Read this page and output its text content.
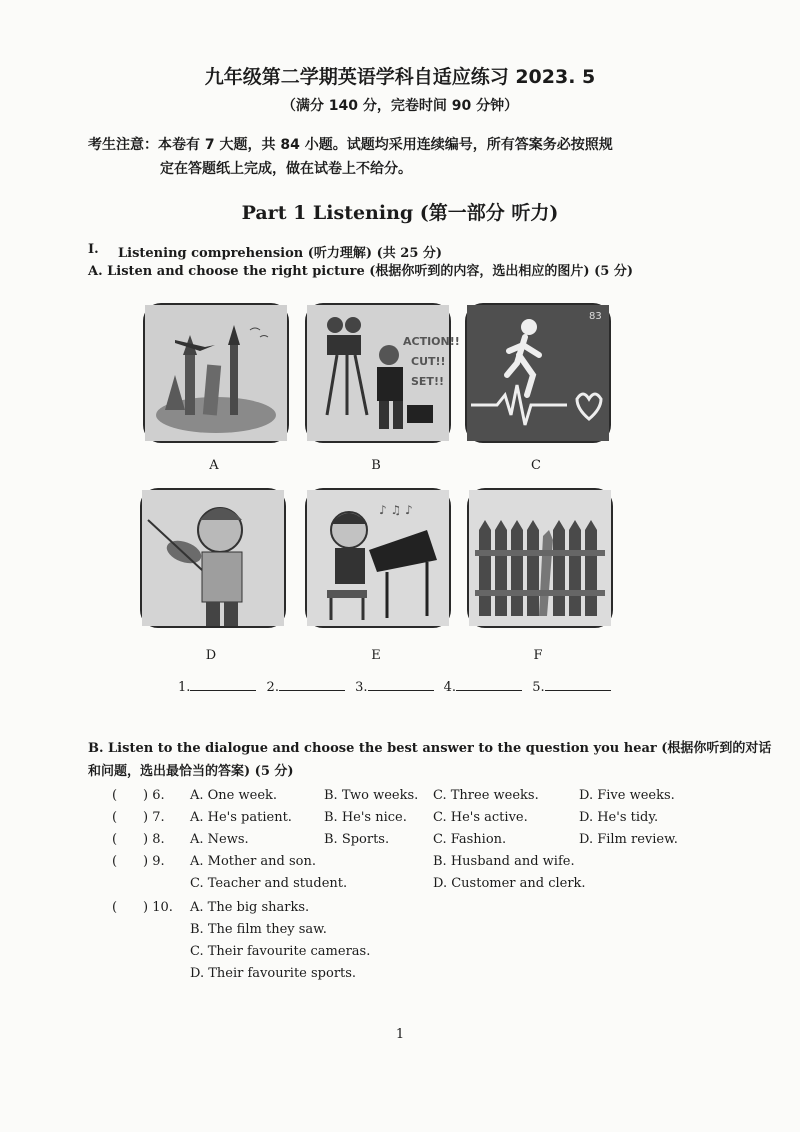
九年级第二学期英语学科自适应练习 2023. 5
（满分 140 分，完卷时间 90 分钟）
考生注意：本卷有 7 大题，共 84 小题。试题均采用连续编号，所有答案务必按照规
定在答题纸上完成，做在试卷上不给分。
Part 1 Listening (第一部分 听力)
I. Listening comprehension (听力理解) (共 25 分)
A. Listen and choose the right picture (根据你听到的内容，选出相应的图片) (5 分)
A
ACTION!!
CUT!!
SET!!
B
83
C
D
♪ ♫ ♪
E	F
1.	2.	3.	4.	5.
B. Listen to the dialogue and choose the best answer to the question you hear (根据你听到的对话
和问题，选出最恰当的答案) (5 分)
( ) 6. A. One week.	B. Two weeks. C. Three weeks.	D. Five weeks.
( ) 7. A. He's patient. B. He's nice. C. He's active.	D. He's tidy.
( ) 8. A. News.	B. Sports.	C. Fashion.	D. Film review.
( ) 9. A. Mother and son.	B. Husband and wife.
C. Teacher and student.	D. Customer and clerk.
( ) 10. A. The big sharks.
B. The film they saw.
C. Their favourite cameras.
D. Their favourite sports.
1
